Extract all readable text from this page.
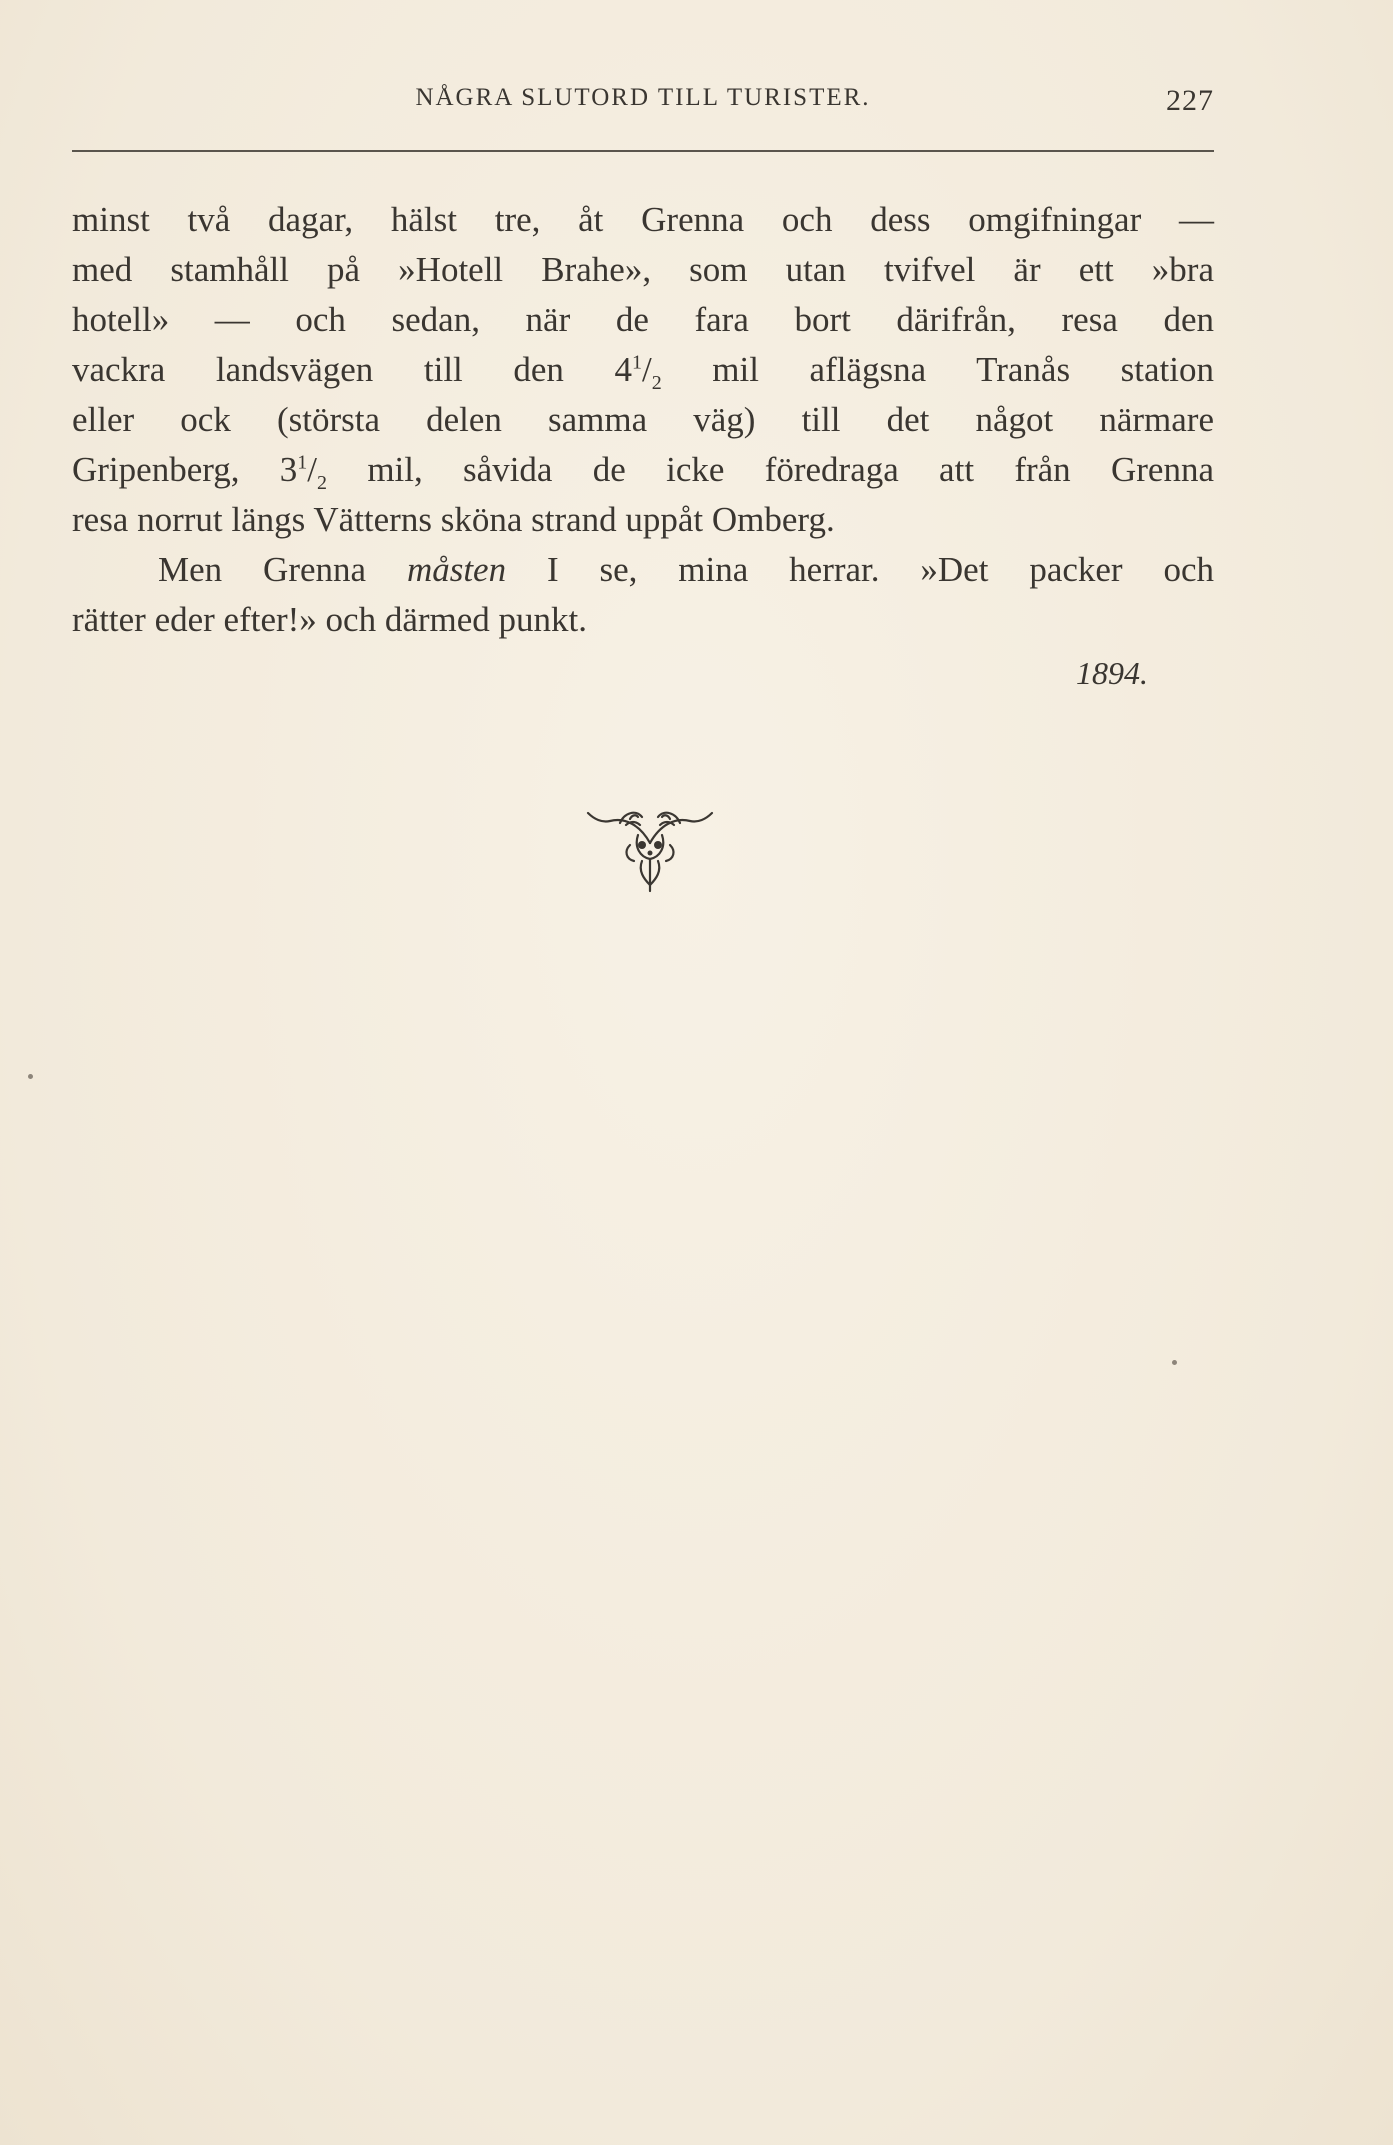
NÅGRA SLUTORD TILL TURISTER.	227
minst två dagar, hälst tre, åt Grenna och dess omgifningar —
med stamhåll på »Hotell Brahe», som utan tvifvel är ett »bra
hotell» — och sedan, när de fara bort därifrån, resa den
vackra landsvägen till den $4^1/_2$ mil aflägsna Tranås station
eller ock (största delen samma väg) till det något närmare
Gripenberg, $3^1/_2$ mil, såvida de icke föredraga att från Grenna
resa norrut längs Vätterns sköna strand uppåt Omberg.
Men Grenna måsten I se, mina herrar. »Det packer och
rätter eder efter!» och därmed punkt.
1894.
